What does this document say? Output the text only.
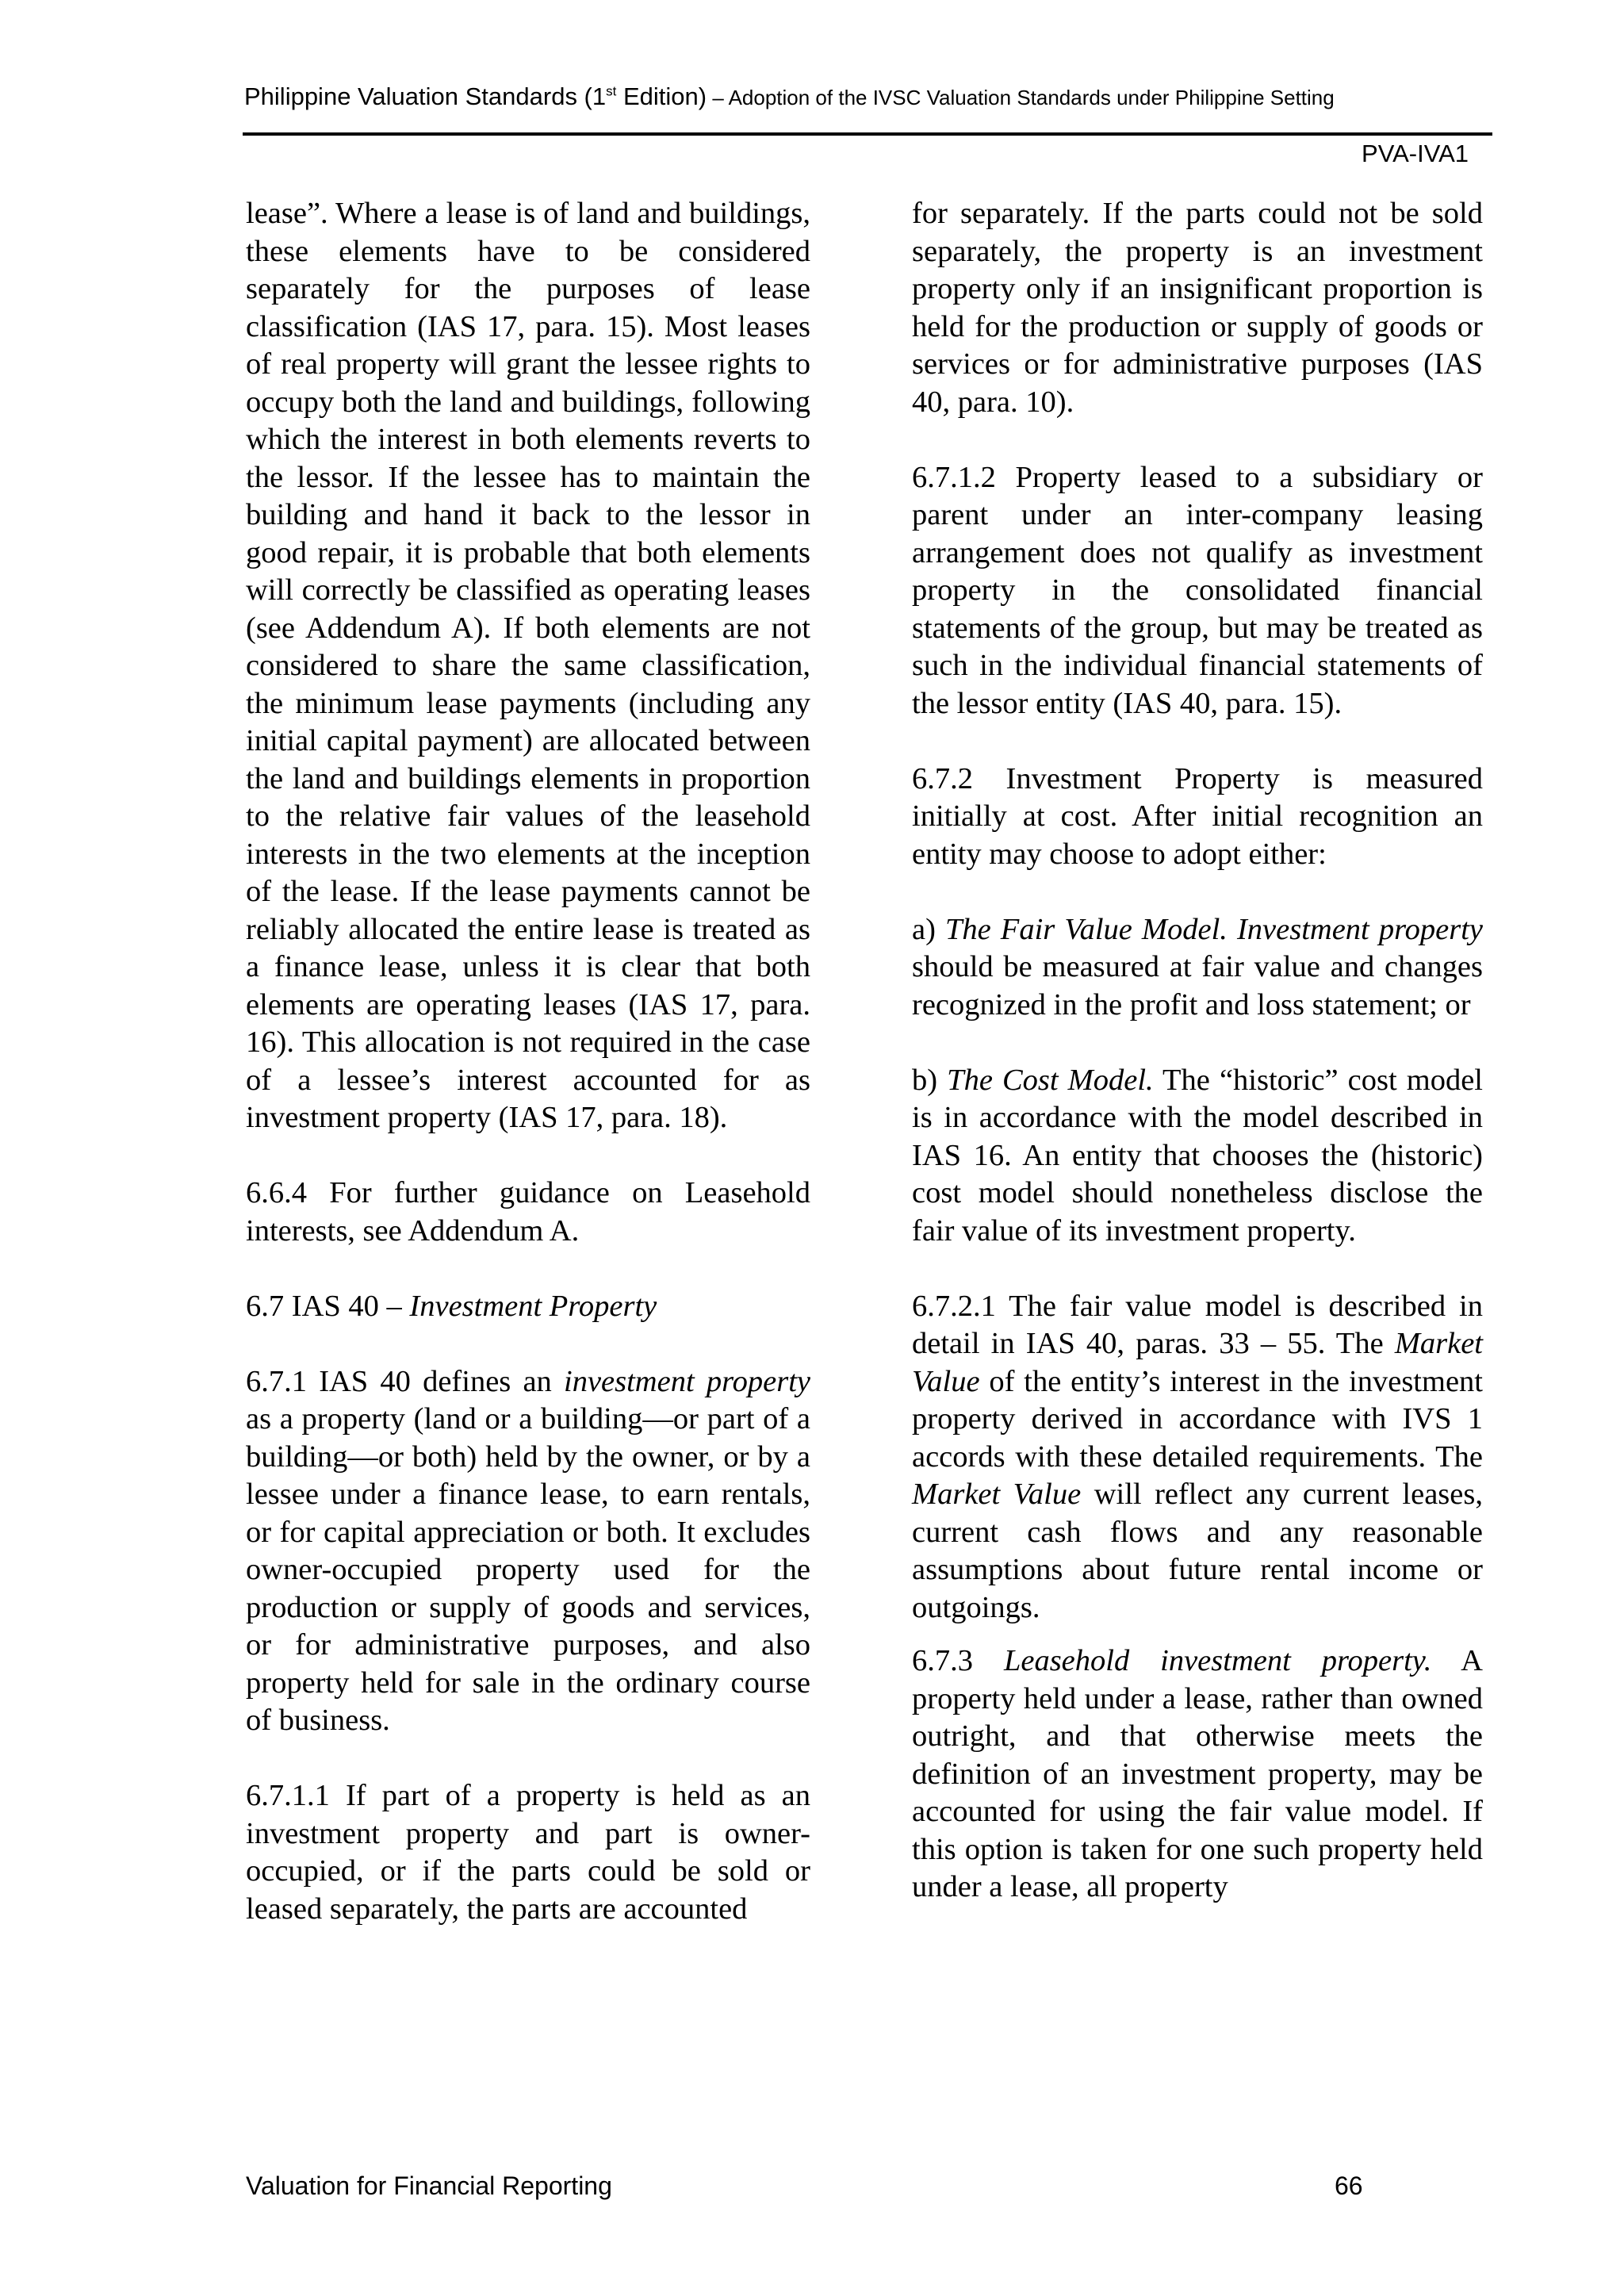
Philippine Valuation Standards (1st Edition) – Adoption of the IVSC Valuation Standards under Philippine Setting
PVA-IVA1

lease”. Where a lease is of land and buildings, these elements have to be considered separately for the purposes of lease classification (IAS 17, para. 15). Most leases of real property will grant the lessee rights to occupy both the land and buildings, following which the interest in both elements reverts to the lessor. If the lessee has to maintain the building and hand it back to the lessor in good repair, it is probable that both elements will correctly be classified as operating leases (see Addendum A). If both elements are not considered to share the same classification, the minimum lease payments (including any initial capital payment) are allocated between the land and buildings elements in proportion to the relative fair values of the leasehold interests in the two elements at the inception of the lease. If the lease payments cannot be reliably allocated the entire lease is treated as a finance lease, unless it is clear that both elements are operating leases (IAS 17, para. 16). This allocation is not required in the case of a lessee’s interest accounted for as investment property (IAS 17, para. 18).

6.6.4 For further guidance on Leasehold interests, see Addendum A.

6.7 IAS 40 – Investment Property

6.7.1 IAS 40 defines an investment property as a property (land or a building—or part of a building—or both) held by the owner, or by a lessee under a finance lease, to earn rentals, or for capital appreciation or both. It excludes owner-occupied property used for the production or supply of goods and services, or for administrative purposes, and also property held for sale in the ordinary course of business.

6.7.1.1 If part of a property is held as an investment property and part is owner-occupied, or if the parts could be sold or leased separately, the parts are accounted

for separately. If the parts could not be sold separately, the property is an investment property only if an insignificant proportion is held for the production or supply of goods or services or for administrative purposes (IAS 40, para. 10).

6.7.1.2 Property leased to a subsidiary or parent under an inter-company leasing arrangement does not qualify as investment property in the consolidated financial statements of the group, but may be treated as such in the individual financial statements of the lessor entity (IAS 40, para. 15).

6.7.2 Investment Property is measured initially at cost. After initial recognition an entity may choose to adopt either:

a) The Fair Value Model. Investment property should be measured at fair value and changes recognized in the profit and loss statement; or

b) The Cost Model. The “historic” cost model is in accordance with the model described in IAS 16. An entity that chooses the (historic) cost model should nonetheless disclose the fair value of its investment property.

6.7.2.1 The fair value model is described in detail in IAS 40, paras. 33 – 55. The Market Value of the entity’s interest in the investment property derived in accordance with IVS 1 accords with these detailed requirements. The Market Value will reflect any current leases, current cash flows and any reasonable assumptions about future rental income or outgoings.

6.7.3 Leasehold investment property. A property held under a lease, rather than owned outright, and that otherwise meets the definition of an investment property, may be accounted for using the fair value model. If this option is taken for one such property held under a lease, all property

Valuation for Financial Reporting	66
